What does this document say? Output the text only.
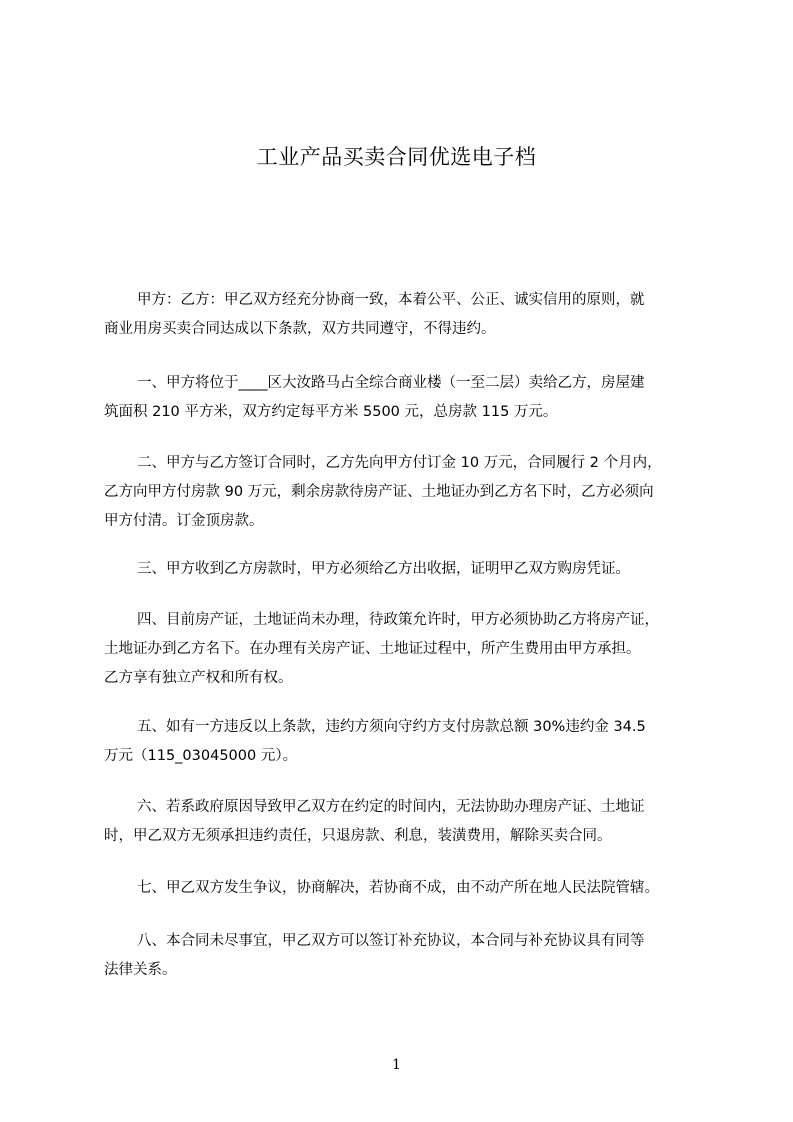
工业产品买卖合同优选电子档
甲方：乙方：甲乙双方经充分协商一致，本着公平、公正、诚实信用的原则，就
商业用房买卖合同达成以下条款，双方共同遵守，不得违约。
一、甲方将位于____区大汝路马占全综合商业楼（一至二层）卖给乙方，房屋建
筑面积 210 平方米，双方约定每平方米 5500 元，总房款 115 万元。
二、甲方与乙方签订合同时，乙方先向甲方付订金 10 万元，合同履行 2 个月内，
乙方向甲方付房款 90 万元，剩余房款待房产证、土地证办到乙方名下时，乙方必须向
甲方付清。订金顶房款。
三、甲方收到乙方房款时，甲方必须给乙方出收据，证明甲乙双方购房凭证。
四、目前房产证，土地证尚未办理，待政策允许时，甲方必须协助乙方将房产证，
土地证办到乙方名下。在办理有关房产证、土地证过程中，所产生费用由甲方承担。
乙方享有独立产权和所有权。
五、如有一方违反以上条款，违约方须向守约方支付房款总额 30%违约金 34.5
万元（115_03045000 元）。
六、若系政府原因导致甲乙双方在约定的时间内，无法协助办理房产证、土地证
时，甲乙双方无须承担违约责任，只退房款、利息，装潢费用，解除买卖合同。
七、甲乙双方发生争议，协商解决，若协商不成，由不动产所在地人民法院管辖。
八、本合同未尽事宜，甲乙双方可以签订补充协议，本合同与补充协议具有同等
法律关系。
1
